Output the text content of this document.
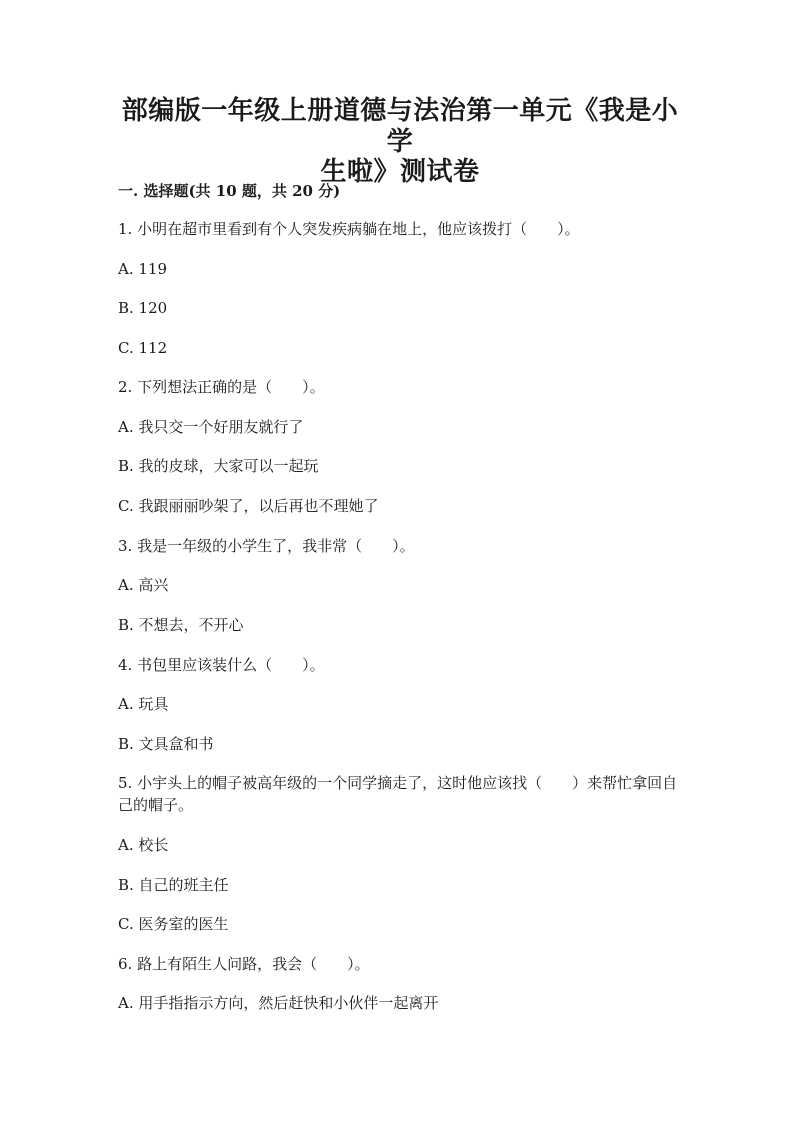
部编版一年级上册道德与法治第一单元《我是小学
生啦》测试卷
一. 选择题(共 10 题，共 20 分)
1. 小明在超市里看到有个人突发疾病躺在地上，他应该拨打（　　）。
A. 119
B. 120
C. 112
2. 下列想法正确的是（　　）。
A. 我只交一个好朋友就行了
B. 我的皮球，大家可以一起玩
C. 我跟丽丽吵架了，以后再也不理她了
3. 我是一年级的小学生了，我非常（　　）。
A. 高兴
B. 不想去，不开心
4. 书包里应该装什么（　　）。
A. 玩具
B. 文具盒和书
5. 小宇头上的帽子被高年级的一个同学摘走了，这时他应该找（　　）来帮忙拿回自己的帽子。
A. 校长
B. 自己的班主任
C. 医务室的医生
6. 路上有陌生人问路，我会（　　）。
A. 用手指指示方向，然后赶快和小伙伴一起离开
